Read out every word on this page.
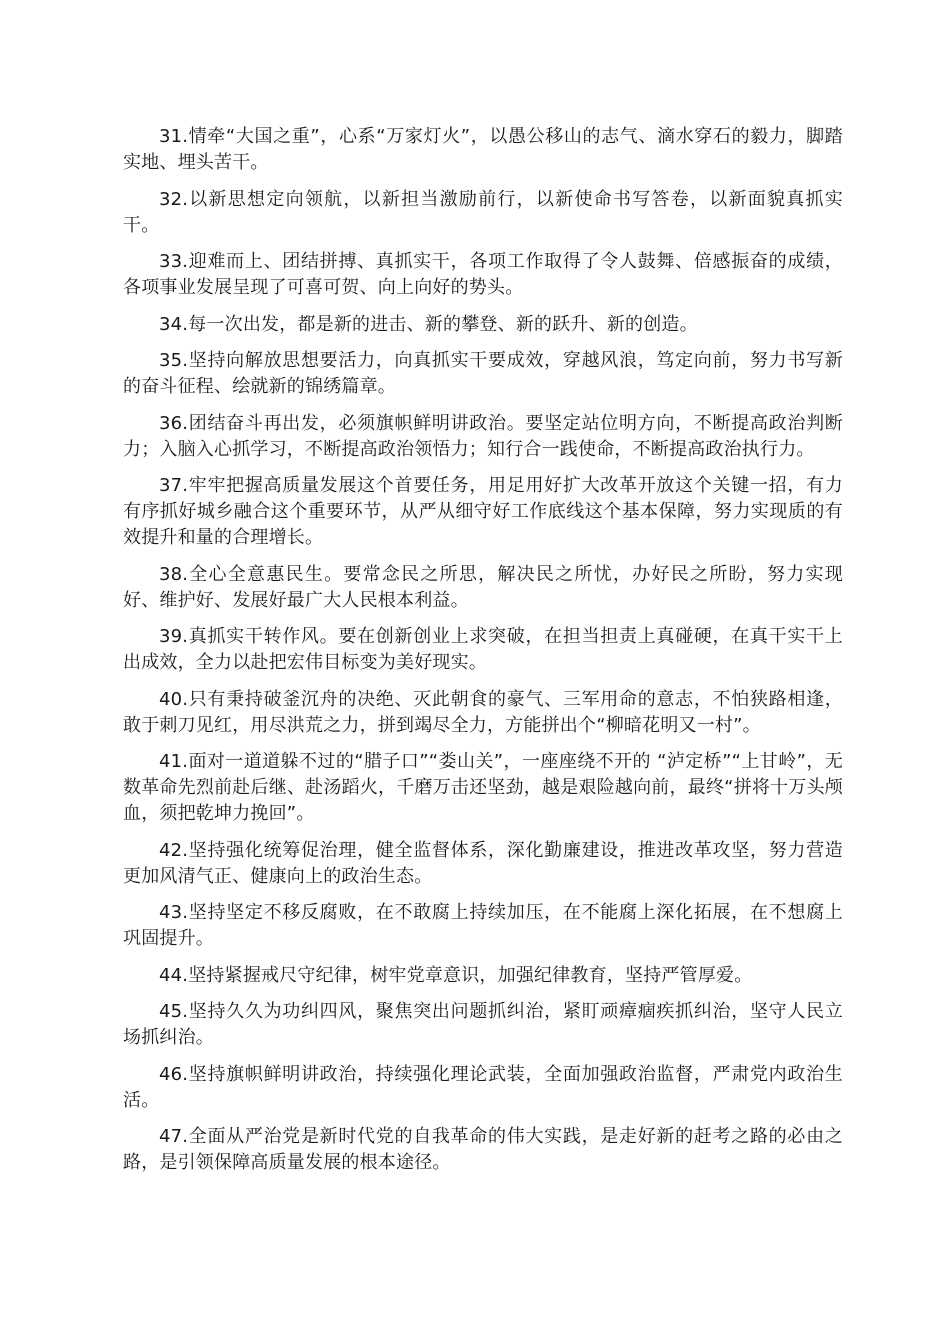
31.情牵“大国之重”，心系“万家灯火”，以愚公移山的志气、滴水穿石的毅力，脚踏实地、埋头苦干。

32.以新思想定向领航，以新担当激励前行，以新使命书写答卷，以新面貌真抓实干。

33.迎难而上、团结拼搏、真抓实干，各项工作取得了令人鼓舞、倍感振奋的成绩，各项事业发展呈现了可喜可贺、向上向好的势头。

34.每一次出发，都是新的进击、新的攀登、新的跃升、新的创造。

35.坚持向解放思想要活力，向真抓实干要成效，穿越风浪，笃定向前，努力书写新的奋斗征程、绘就新的锦绣篇章。

36.团结奋斗再出发，必须旗帜鲜明讲政治。要坚定站位明方向，不断提高政治判断力；入脑入心抓学习，不断提高政治领悟力；知行合一践使命，不断提高政治执行力。

37.牢牢把握高质量发展这个首要任务，用足用好扩大改革开放这个关键一招，有力有序抓好城乡融合这个重要环节，从严从细守好工作底线这个基本保障，努力实现质的有效提升和量的合理增长。

38.全心全意惠民生。要常念民之所思，解决民之所忧，办好民之所盼，努力实现好、维护好、发展好最广大人民根本利益。

39.真抓实干转作风。要在创新创业上求突破，在担当担责上真碰硬，在真干实干上出成效，全力以赴把宏伟目标变为美好现实。

40.只有秉持破釜沉舟的决绝、灭此朝食的豪气、三军用命的意志，不怕狭路相逢，敢于刺刀见红，用尽洪荒之力，拼到竭尽全力，方能拼出个“柳暗花明又一村”。

41.面对一道道躲不过的“腊子口”“娄山关”，一座座绕不开的 “泸定桥”“上甘岭”，无数革命先烈前赴后继、赴汤蹈火，千磨万击还坚劲，越是艰险越向前，最终“拼将十万头颅血，须把乾坤力挽回”。

42.坚持强化统筹促治理，健全监督体系，深化勤廉建设，推进改革攻坚，努力营造更加风清气正、健康向上的政治生态。

43.坚持坚定不移反腐败，在不敢腐上持续加压，在不能腐上深化拓展，在不想腐上巩固提升。

44.坚持紧握戒尺守纪律，树牢党章意识，加强纪律教育，坚持严管厚爱。

45.坚持久久为功纠四风，聚焦突出问题抓纠治，紧盯顽瘴痼疾抓纠治，坚守人民立场抓纠治。

46.坚持旗帜鲜明讲政治，持续强化理论武装，全面加强政治监督，严肃党内政治生活。

47.全面从严治党是新时代党的自我革命的伟大实践，是走好新的赶考之路的必由之路，是引领保障高质量发展的根本途径。
